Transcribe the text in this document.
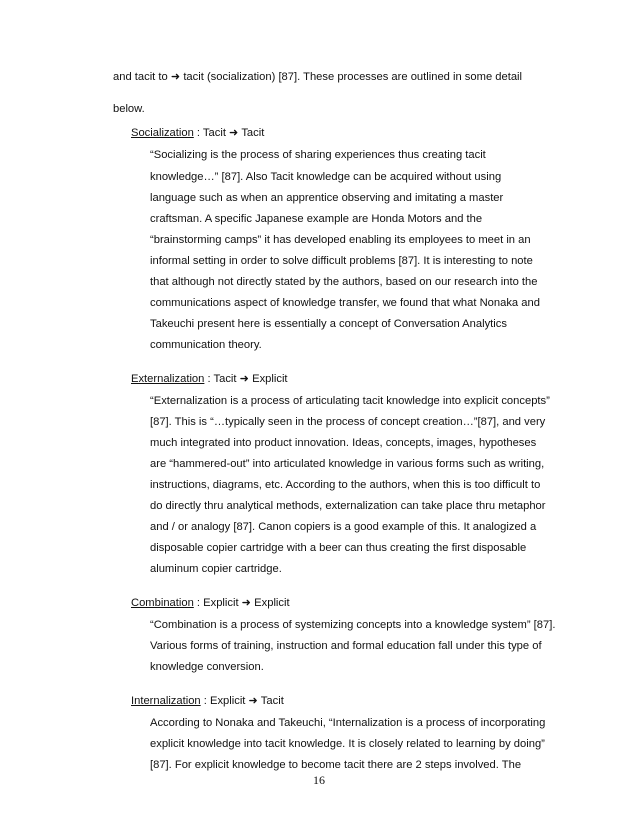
and tacit to ➜ tacit (socialization) [87]. These processes are outlined in some detail
below.
Socialization : Tacit ➜ Tacit
“Socializing is the process of sharing experiences thus creating tacit
knowledge…” [87]. Also Tacit knowledge can be acquired without using
language such as when an apprentice observing and imitating a master
craftsman. A specific Japanese example are Honda Motors and the
“brainstorming camps” it has developed enabling its employees to meet in an
informal setting in order to solve difficult problems [87]. It is interesting to note
that although not directly stated by the authors, based on our research into the
communications aspect of knowledge transfer, we found that what Nonaka and
Takeuchi present here is essentially a concept of Conversation Analytics
communication theory.
Externalization : Tacit ➜ Explicit
“Externalization is a process of articulating tacit knowledge into explicit concepts”
[87]. This is “…typically seen in the process of concept creation…”[87], and very
much integrated into product innovation. Ideas, concepts, images, hypotheses
are “hammered-out” into articulated knowledge in various forms such as writing,
instructions, diagrams, etc. According to the authors, when this is too difficult to
do directly thru analytical methods, externalization can take place thru metaphor
and / or analogy [87]. Canon copiers is a good example of this. It analogized a
disposable copier cartridge with a beer can thus creating the first disposable
aluminum copier cartridge.
Combination : Explicit ➜ Explicit
“Combination is a process of systemizing concepts into a knowledge system” [87].
Various forms of training, instruction and formal education fall under this type of
knowledge conversion.
Internalization : Explicit ➜ Tacit
According to Nonaka and Takeuchi, “Internalization is a process of incorporating
explicit knowledge into tacit knowledge. It is closely related to learning by doing”
[87]. For explicit knowledge to become tacit there are 2 steps involved. The
16
